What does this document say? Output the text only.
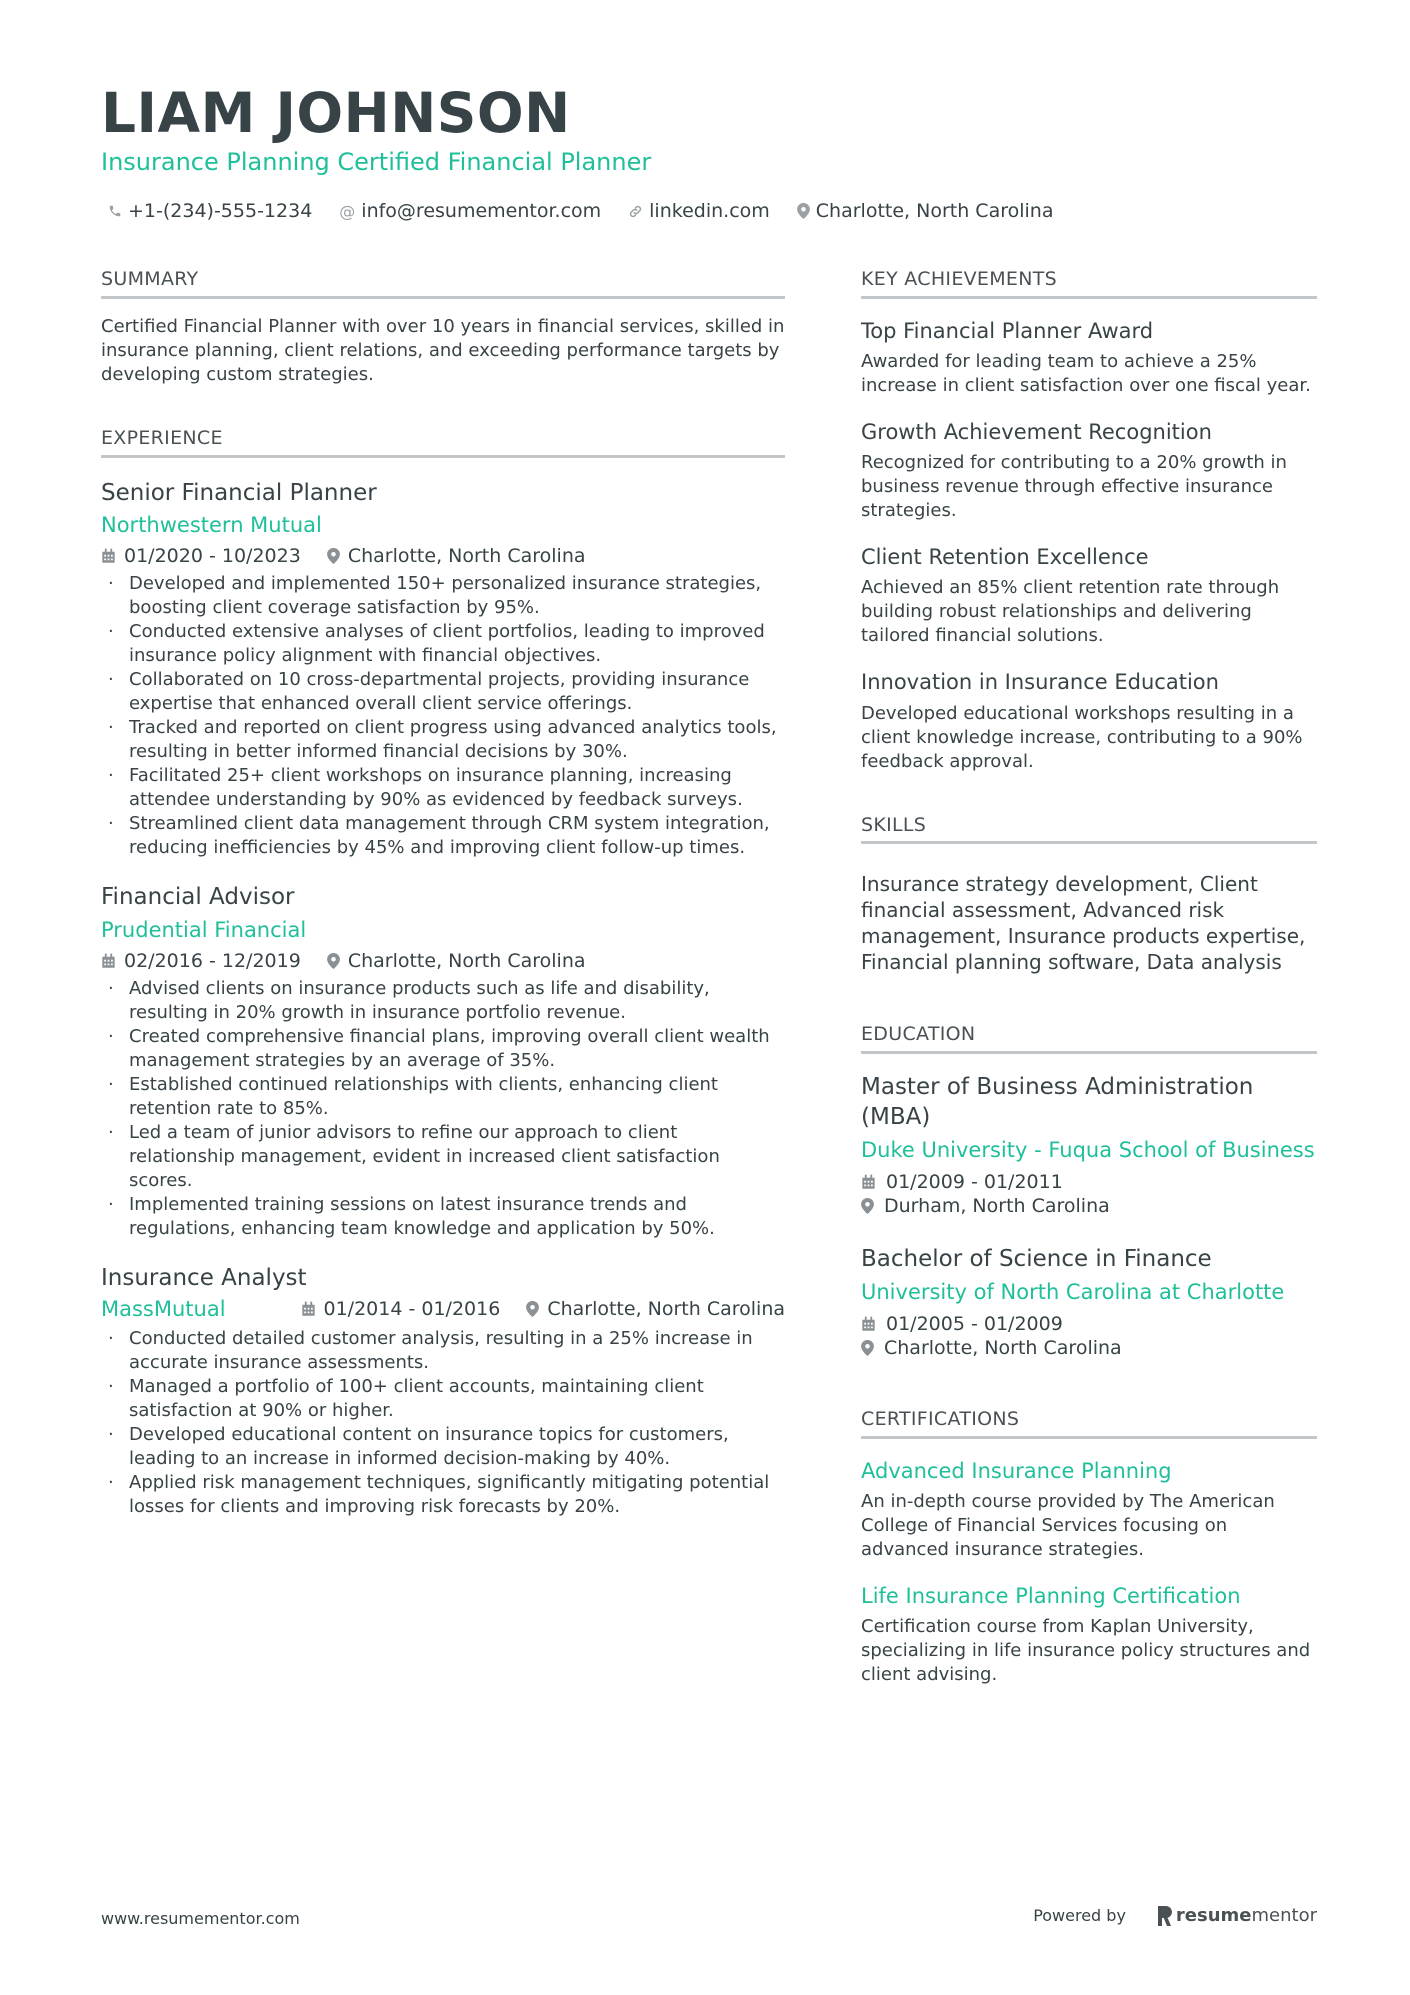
LIAM JOHNSON
Insurance Planning Certified Financial Planner
+1-(234)-555-1234 @ info@resumementor.com	linkedin.com Charlotte, North Carolina
SUMMARY
Certified Financial Planner with over 10 years in financial services, skilled in insurance planning, client relations, and exceeding performance targets by developing custom strategies.
EXPERIENCE
Senior Financial Planner
Northwestern Mutual
01/2020 - 10/2023 Charlotte, North Carolina
· Developed and implemented 150+ personalized insurance strategies, boosting client coverage satisfaction by 95%.
· Conducted extensive analyses of client portfolios, leading to improved insurance policy alignment with financial objectives.
· Collaborated on 10 cross-departmental projects, providing insurance expertise that enhanced overall client service offerings.
· Tracked and reported on client progress using advanced analytics tools, resulting in better informed financial decisions by 30%.
· Facilitated 25+ client workshops on insurance planning, increasing attendee understanding by 90% as evidenced by feedback surveys.
· Streamlined client data management through CRM system integration, reducing inefficiencies by 45% and improving client follow-up times.
Financial Advisor
Prudential Financial
02/2016 - 12/2019 Charlotte, North Carolina
· Advised clients on insurance products such as life and disability, resulting in 20% growth in insurance portfolio revenue.
· Created comprehensive financial plans, improving overall client wealth management strategies by an average of 35%.
· Established continued relationships with clients, enhancing client retention rate to 85%.
· Led a team of junior advisors to refine our approach to client relationship management, evident in increased client satisfaction scores.
· Implemented training sessions on latest insurance trends and regulations, enhancing team knowledge and application by 50%.
Insurance Analyst
MassMutual	01/2014 - 01/2016 Charlotte, North Carolina
· Conducted detailed customer analysis, resulting in a 25% increase in accurate insurance assessments.
· Managed a portfolio of 100+ client accounts, maintaining client satisfaction at 90% or higher.
· Developed educational content on insurance topics for customers, leading to an increase in informed decision-making by 40%.
· Applied risk management techniques, significantly mitigating potential losses for clients and improving risk forecasts by 20%.
KEY ACHIEVEMENTS
Top Financial Planner Award
Awarded for leading team to achieve a 25% increase in client satisfaction over one fiscal year.
Growth Achievement Recognition
Recognized for contributing to a 20% growth in business revenue through effective insurance strategies.
Client Retention Excellence
Achieved an 85% client retention rate through building robust relationships and delivering tailored financial solutions.
Innovation in Insurance Education
Developed educational workshops resulting in a client knowledge increase, contributing to a 90% feedback approval.
SKILLS
Insurance strategy development, Client financial assessment, Advanced risk management, Insurance products expertise, Financial planning software, Data analysis
EDUCATION
Master of Business Administration (MBA)
Duke University - Fuqua School of Business
01/2009 - 01/2011
Durham, North Carolina
Bachelor of Science in Finance
University of North Carolina at Charlotte
01/2005 - 01/2009
Charlotte, North Carolina
CERTIFICATIONS
Advanced Insurance Planning
An in-depth course provided by The American College of Financial Services focusing on advanced insurance strategies.
Life Insurance Planning Certification
Certification course from Kaplan University, specializing in life insurance policy structures and client advising.
www.resumementor.com	Powered by	resume mentor
